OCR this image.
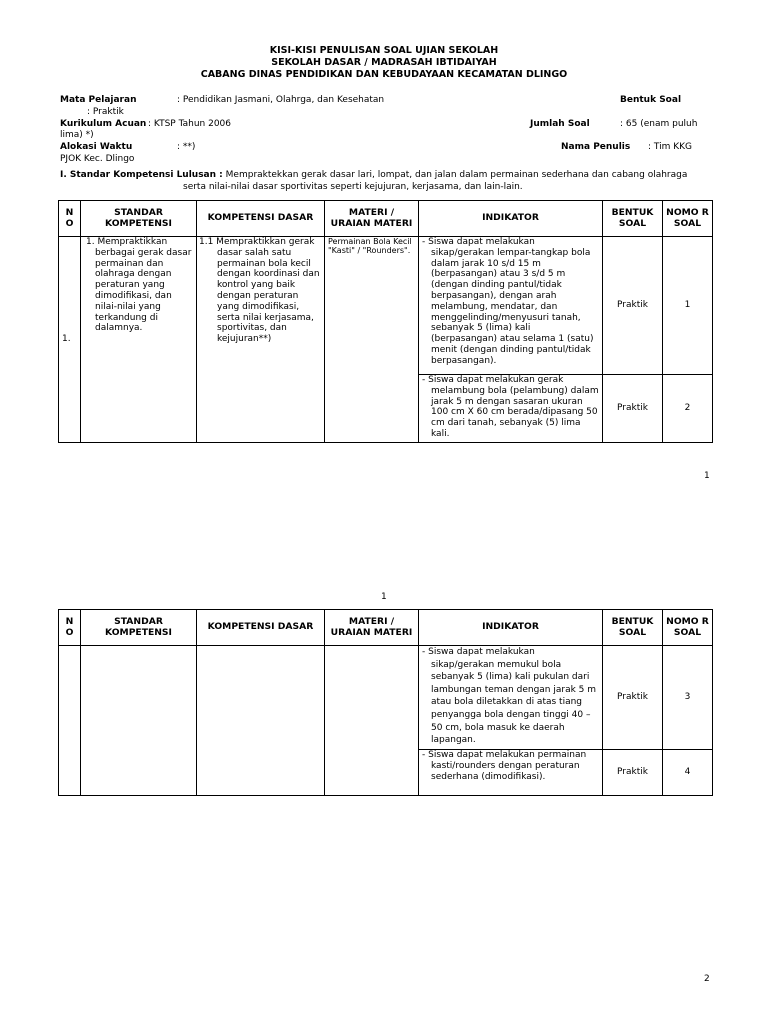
KISI-KISI PENULISAN SOAL UJIAN SEKOLAH
SEKOLAH DASAR / MADRASAH IBTIDAIYAH
CABANG DINAS PENDIDIKAN DAN KEBUDAYAAN KECAMATAN DLINGO
Mata Pelajaran	: Pendidikan Jasmani, Olahrga, dan Kesehatan	Bentuk Soal
: Praktik
Kurikulum Acuan : KTSP Tahun 2006	Jumlah Soal	: 65 (enam puluh
lima) *)
Alokasi Waktu	: **)	Nama Penulis : Tim KKG
PJOK Kec. Dlingo
I. Standar Kompetensi Lulusan : Mempraktekkan gerak dasar lari, lompat, dan jalan dalam permainan sederhana dan cabang olahraga
serta nilai-nilai dasar sportivitas seperti kejujuran, kerjasama, dan lain-lain.
N O	STANDAR KOMPETENSI	KOMPETENSI DASAR	MATERI / URAIAN MATERI	INDIKATOR	BENTUK SOAL	NOMO R
SOAL

1.	1. Mempraktikkan berbagai gerak dasar permainan dan olahraga dengan peraturan yang dimodifikasi, dan nilai-nilai yang terkandung di dalamnya.	1.1 Mempraktikkan gerak dasar salah satu permainan bola kecil dengan koordinasi dan kontrol yang baik dengan peraturan yang dimodifikasi, serta nilai kerjasama, sportivitas, dan kejujuran**)	Permainan Bola Kecil "Kasti" / "Rounders".	- Siswa dapat melakukan sikap/gerakan lempar-tangkap bola dalam jarak 10 s/d 15 m (berpasangan) atau 3 s/d 5 m (dengan dinding pantul/tidak berpasangan), dengan arah melambung, mendatar, dan menggelinding/menyusuri tanah, sebanyak 5 (lima) kali (berpasangan) atau selama 1 (satu) menit (dengan dinding pantul/tidak berpasangan).	Praktik	1
				- Siswa dapat melakukan gerak melambung bola (pelambung) dalam jarak 5 m dengan sasaran ukuran 100 cm X 60 cm berada/dipasang 50 cm dari tanah, sebanyak (5) lima kali.	Praktik	2
1
1
N O	STANDAR KOMPETENSI	KOMPETENSI DASAR	MATERI / URAIAN MATERI	INDIKATOR	BENTUK SOAL	NOMO R
SOAL

				- Siswa dapat melakukan sikap/gerakan memukul bola sebanyak 5 (lima) kali pukulan dari lambungan teman dengan jarak 5 m atau bola diletakkan di atas tiang penyangga bola dengan tinggi 40 – 50 cm, bola masuk ke daerah lapangan.	Praktik	3
				- Siswa dapat melakukan permainan kasti/rounders dengan peraturan sederhana (dimodifikasi).	Praktik	4
2
